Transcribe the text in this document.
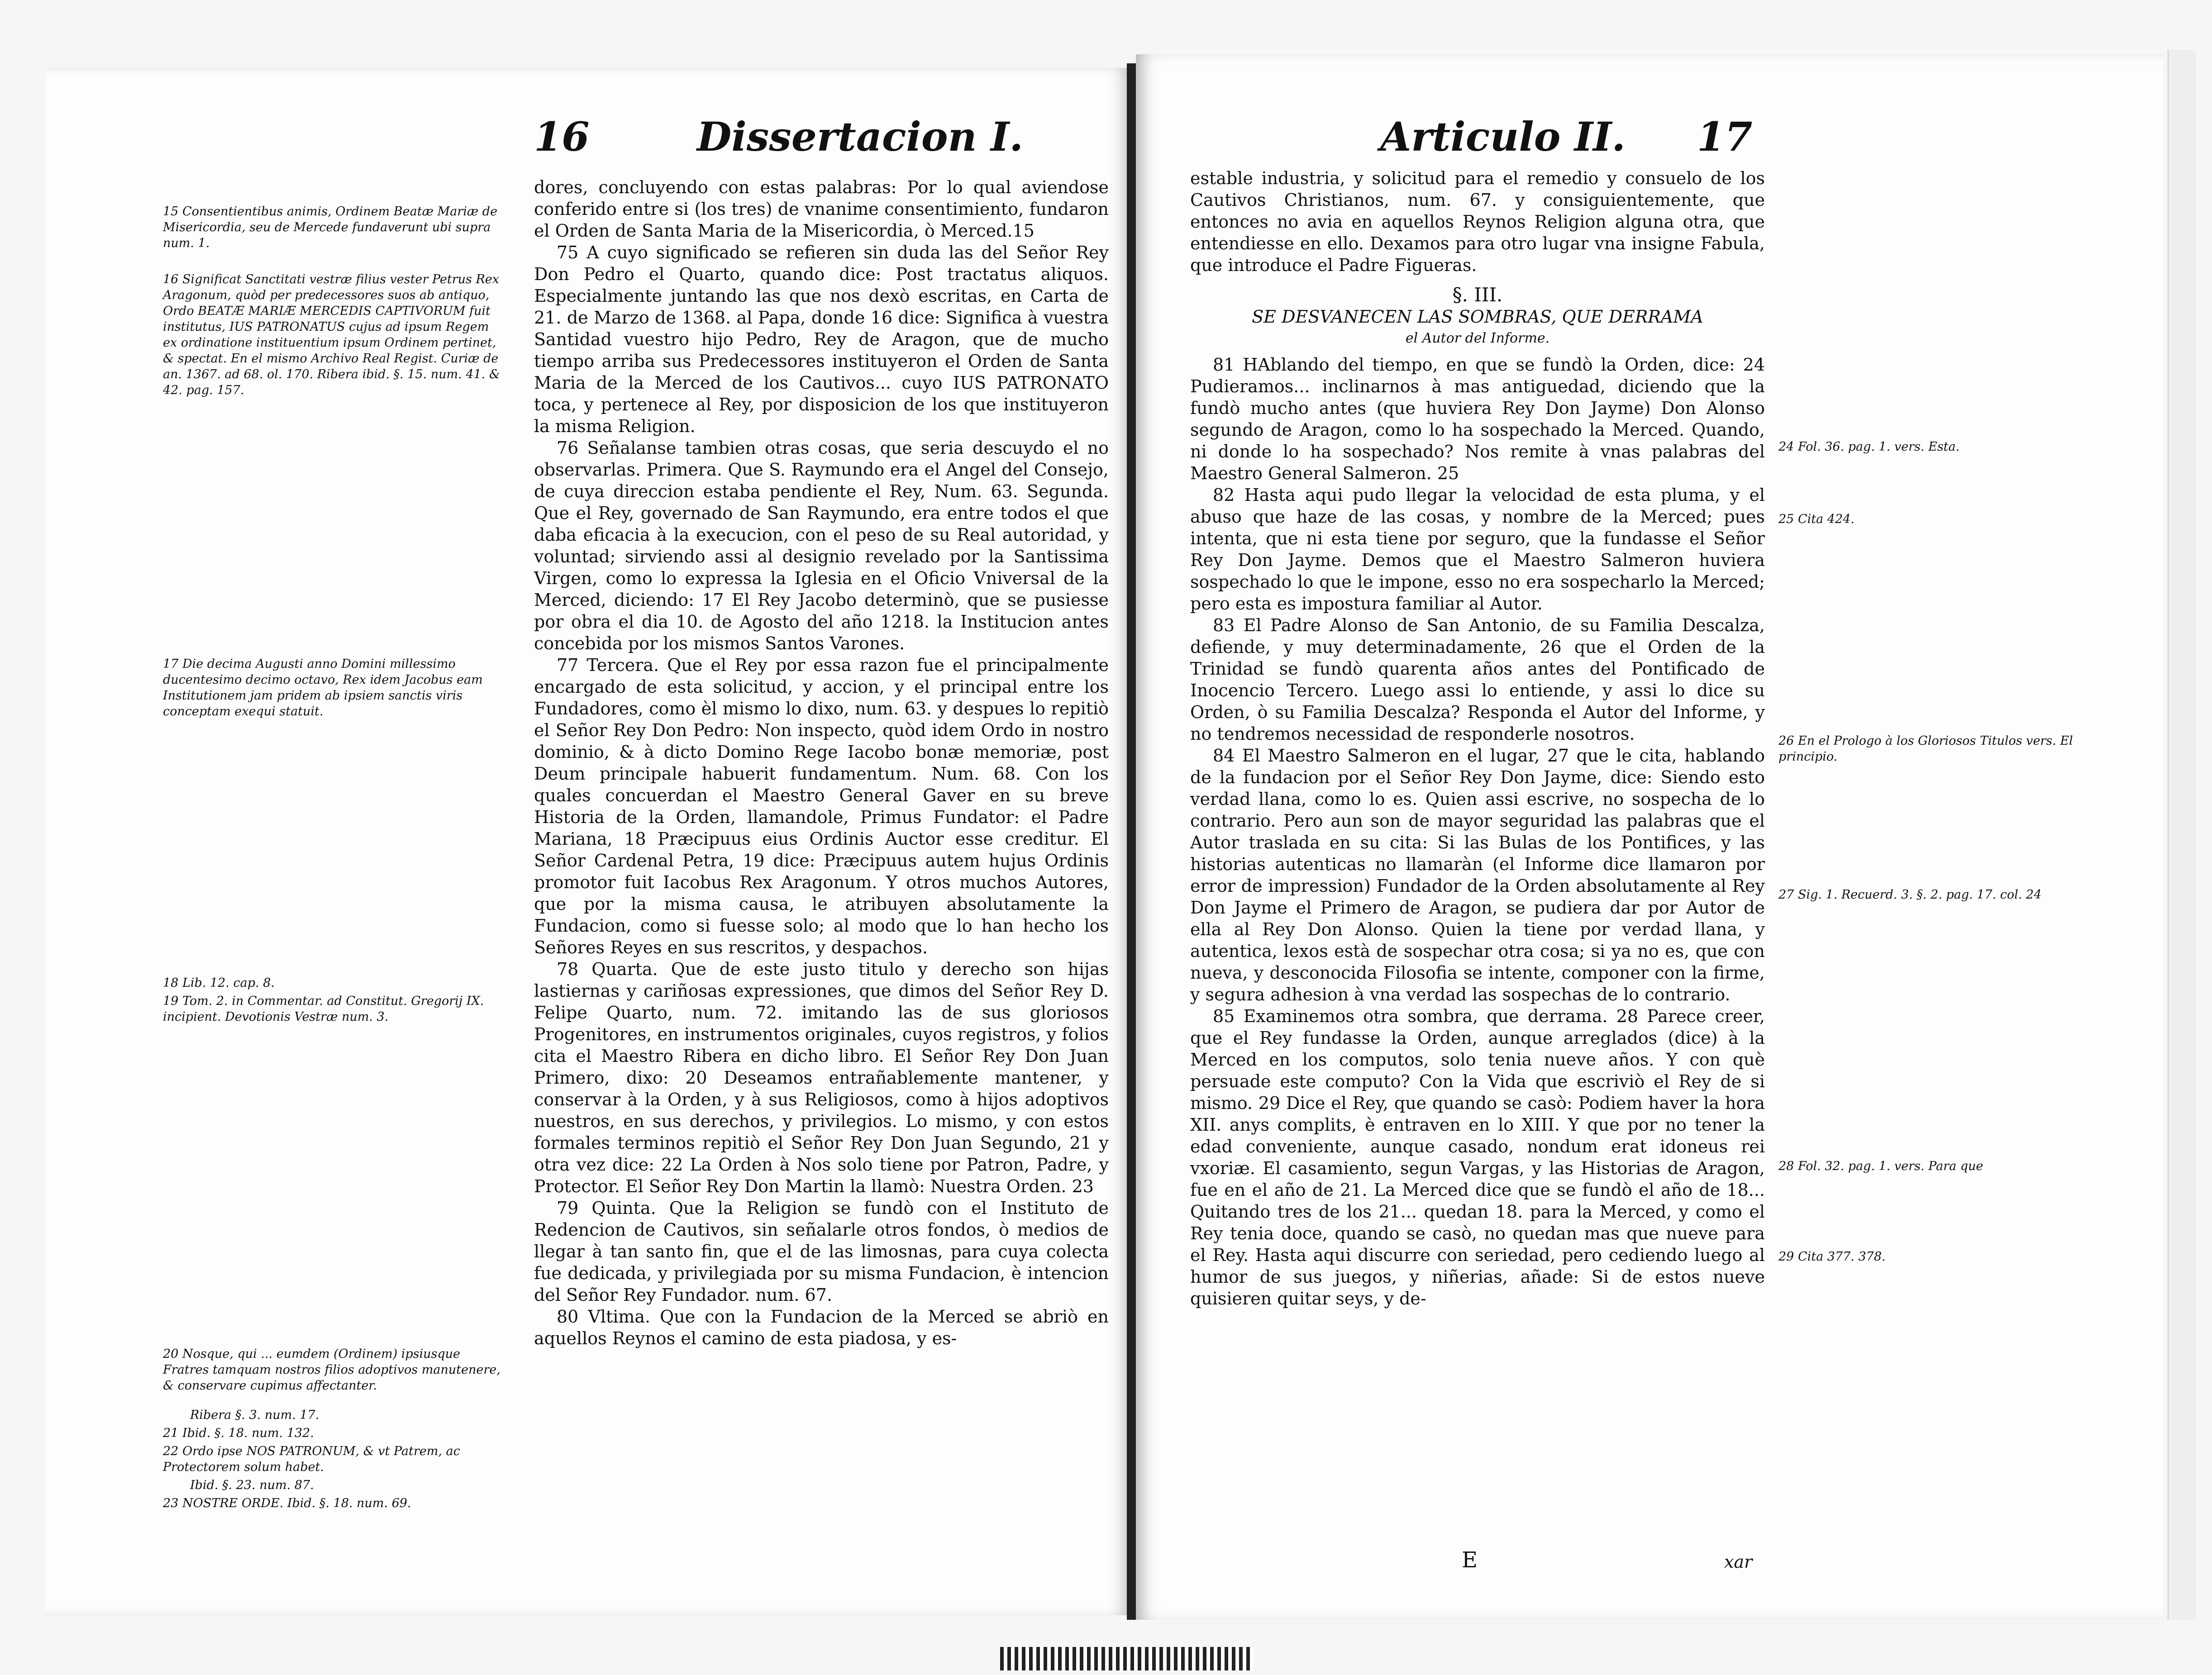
16	Dissertacion I.

15 Consentientibus animis, Ordinem Beatæ Mariæ de Misericordia, seu de Mercede fundaverunt ubi supra num. 1.

16 Significat Sanctitati vestræ filius vester Petrus Rex Aragonum, quòd per predecessores suos ab antiquo, Ordo BEATÆ MARIÆ MERCEDIS CAPTIVORUM fuit institutus, IUS PATRONATUS cujus ad ipsum Regem ex ordinatione instituentium ipsum Ordinem pertinet, & spectat. En el mismo Archivo Real Regist. Curiæ de an. 1367. ad 68. ol. 170. Ribera ibid. §. 15. num. 41. & 42. pag. 157.

17 Die decima Augusti anno Domini millessimo ducentesimo decimo octavo, Rex idem Jacobus eam Institutionem jam pridem ab ipsiem sanctis viris conceptam exequi statuit.

18 Lib. 12. cap. 8.

19 Tom. 2. in Commentar. ad Constitut. Gregorij IX. incipient. Devotionis Vestræ num. 3.

20 Nosque, qui ... eumdem (Ordinem) ipsiusque Fratres tamquam nostros filios adoptivos manutenere, & conservare cupimus affectanter.

Ribera §. 3. num. 17.

21 Ibid. §. 18. num. 132.

22 Ordo ipse NOS PATRONUM, & vt Patrem, ac Protectorem solum habet.

Ibid. §. 23. num. 87.

23 NOSTRE ORDE. Ibid. §. 18. num. 69.

dores, concluyendo con estas palabras: Por lo qual aviendose conferido entre si (los tres) de vnanime consentimiento, fundaron el Orden de Santa Maria de la Misericordia, ò Merced.15

75 A cuyo significado se refieren sin duda las del Señor Rey Don Pedro el Quarto, quando dice: Post tractatus aliquos. Especialmente juntando las que nos dexò escritas, en Carta de 21. de Marzo de 1368. al Papa, donde 16 dice: Significa à vuestra Santidad vuestro hijo Pedro, Rey de Aragon, que de mucho tiempo arriba sus Predecessores instituyeron el Orden de Santa Maria de la Merced de los Cautivos... cuyo IUS PATRONATO toca, y pertenece al Rey, por disposicion de los que instituyeron la misma Religion.

76 Señalanse tambien otras cosas, que seria descuydo el no observarlas. Primera. Que S. Raymundo era el Angel del Consejo, de cuya direccion estaba pendiente el Rey, Num. 63. Segunda. Que el Rey, governado de San Raymundo, era entre todos el que daba eficacia à la execucion, con el peso de su Real autoridad, y voluntad; sirviendo assi al designio revelado por la Santissima Virgen, como lo expressa la Iglesia en el Oficio Vniversal de la Merced, diciendo: 17 El Rey Jacobo determinò, que se pusiesse por obra el dia 10. de Agosto del año 1218. la Institucion antes concebida por los mismos Santos Varones.

77 Tercera. Que el Rey por essa razon fue el principalmente encargado de esta solicitud, y accion, y el principal entre los Fundadores, como èl mismo lo dixo, num. 63. y despues lo repitiò el Señor Rey Don Pedro: Non inspecto, quòd idem Ordo in nostro dominio, & à dicto Domino Rege Iacobo bonæ memoriæ, post Deum principale habuerit fundamentum. Num. 68. Con los quales concuerdan el Maestro General Gaver en su breve Historia de la Orden, llamandole, Primus Fundator: el Padre Mariana, 18 Præcipuus eius Ordinis Auctor esse creditur. El Señor Cardenal Petra, 19 dice: Præcipuus autem hujus Ordinis promotor fuit Iacobus Rex Aragonum. Y otros muchos Autores, que por la misma causa, le atribuyen absolutamente la Fundacion, como si fuesse solo; al modo que lo han hecho los Señores Reyes en sus rescritos, y despachos.

78 Quarta. Que de este justo titulo y derecho son hijas lastiernas y cariñosas expressiones, que dimos del Señor Rey D. Felipe Quarto, num. 72. imitando las de sus gloriosos Progenitores, en instrumentos originales, cuyos registros, y folios cita el Maestro Ribera en dicho libro. El Señor Rey Don Juan Primero, dixo: 20 Deseamos entrañablemente mantener, y conservar à la Orden, y à sus Religiosos, como à hijos adoptivos nuestros, en sus derechos, y privilegios. Lo mismo, y con estos formales terminos repitiò el Señor Rey Don Juan Segundo, 21 y otra vez dice: 22 La Orden à Nos solo tiene por Patron, Padre, y Protector. El Señor Rey Don Martin la llamò: Nuestra Orden. 23

79 Quinta. Que la Religion se fundò con el Instituto de Redencion de Cautivos, sin señalarle otros fondos, ò medios de llegar à tan santo fin, que el de las limosnas, para cuya colecta fue dedicada, y privilegiada por su misma Fundacion, è intencion del Señor Rey Fundador. num. 67.

80 Vltima. Que con la Fundacion de la Merced se abriò en aquellos Reynos el camino de esta piadosa, y es-

Articulo II. 17

estable industria, y solicitud para el remedio y consuelo de los Cautivos Christianos, num. 67. y consiguientemente, que entonces no avia en aquellos Reynos Religion alguna otra, que entendiesse en ello. Dexamos para otro lugar vna insigne Fabula, que introduce el Padre Figueras.

§. III.

SE DESVANECEN LAS SOMBRAS, QUE DERRAMA

el Autor del Informe.

81 HAblando del tiempo, en que se fundò la Orden, dice: 24 Pudieramos... inclinarnos à mas antiguedad, diciendo que la fundò mucho antes (que huviera Rey Don Jayme) Don Alonso segundo de Aragon, como lo ha sospechado la Merced. Quando, ni donde lo ha sospechado? Nos remite à vnas palabras del Maestro General Salmeron. 25

82 Hasta aqui pudo llegar la velocidad de esta pluma, y el abuso que haze de las cosas, y nombre de la Merced; pues intenta, que ni esta tiene por seguro, que la fundasse el Señor Rey Don Jayme. Demos que el Maestro Salmeron huviera sospechado lo que le impone, esso no era sospecharlo la Merced; pero esta es impostura familiar al Autor.

83 El Padre Alonso de San Antonio, de su Familia Descalza, defiende, y muy determinadamente, 26 que el Orden de la Trinidad se fundò quarenta años antes del Pontificado de Inocencio Tercero. Luego assi lo entiende, y assi lo dice su Orden, ò su Familia Descalza? Responda el Autor del Informe, y no tendremos necessidad de responderle nosotros.

84 El Maestro Salmeron en el lugar, 27 que le cita, hablando de la fundacion por el Señor Rey Don Jayme, dice: Siendo esto verdad llana, como lo es. Quien assi escrive, no sospecha de lo contrario. Pero aun son de mayor seguridad las palabras que el Autor traslada en su cita: Si las Bulas de los Pontifices, y las historias autenticas no llamaràn (el Informe dice llamaron por error de impression) Fundador de la Orden absolutamente al Rey Don Jayme el Primero de Aragon, se pudiera dar por Autor de ella al Rey Don Alonso. Quien la tiene por verdad llana, y autentica, lexos està de sospechar otra cosa; si ya no es, que con nueva, y desconocida Filosofia se intente, componer con la firme, y segura adhesion à vna verdad las sospechas de lo contrario.

85 Examinemos otra sombra, que derrama. 28 Parece creer, que el Rey fundasse la Orden, aunque arreglados (dice) à la Merced en los computos, solo tenia nueve años. Y con què persuade este computo? Con la Vida que escriviò el Rey de si mismo. 29 Dice el Rey, que quando se casò: Podiem haver la hora XII. anys complits, è entraven en lo XIII. Y que por no tener la edad conveniente, aunque casado, nondum erat idoneus rei vxoriæ. El casamiento, segun Vargas, y las Historias de Aragon, fue en el año de 21. La Merced dice que se fundò el año de 18... Quitando tres de los 21... quedan 18. para la Merced, y como el Rey tenia doce, quando se casò, no quedan mas que nueve para el Rey. Hasta aqui discurre con seriedad, pero cediendo luego al humor de sus juegos, y niñerias, añade: Si de estos nueve quisieren quitar seys, y de-

E	xar

24 Fol. 36. pag. 1. vers. Esta.

25 Cita 424.

26 En el Prologo à los Gloriosos Titulos vers. El principio.

27 Sig. 1. Recuerd. 3. §. 2. pag. 17. col. 24

28 Fol. 32. pag. 1. vers. Para que

29 Cita 377. 378.
